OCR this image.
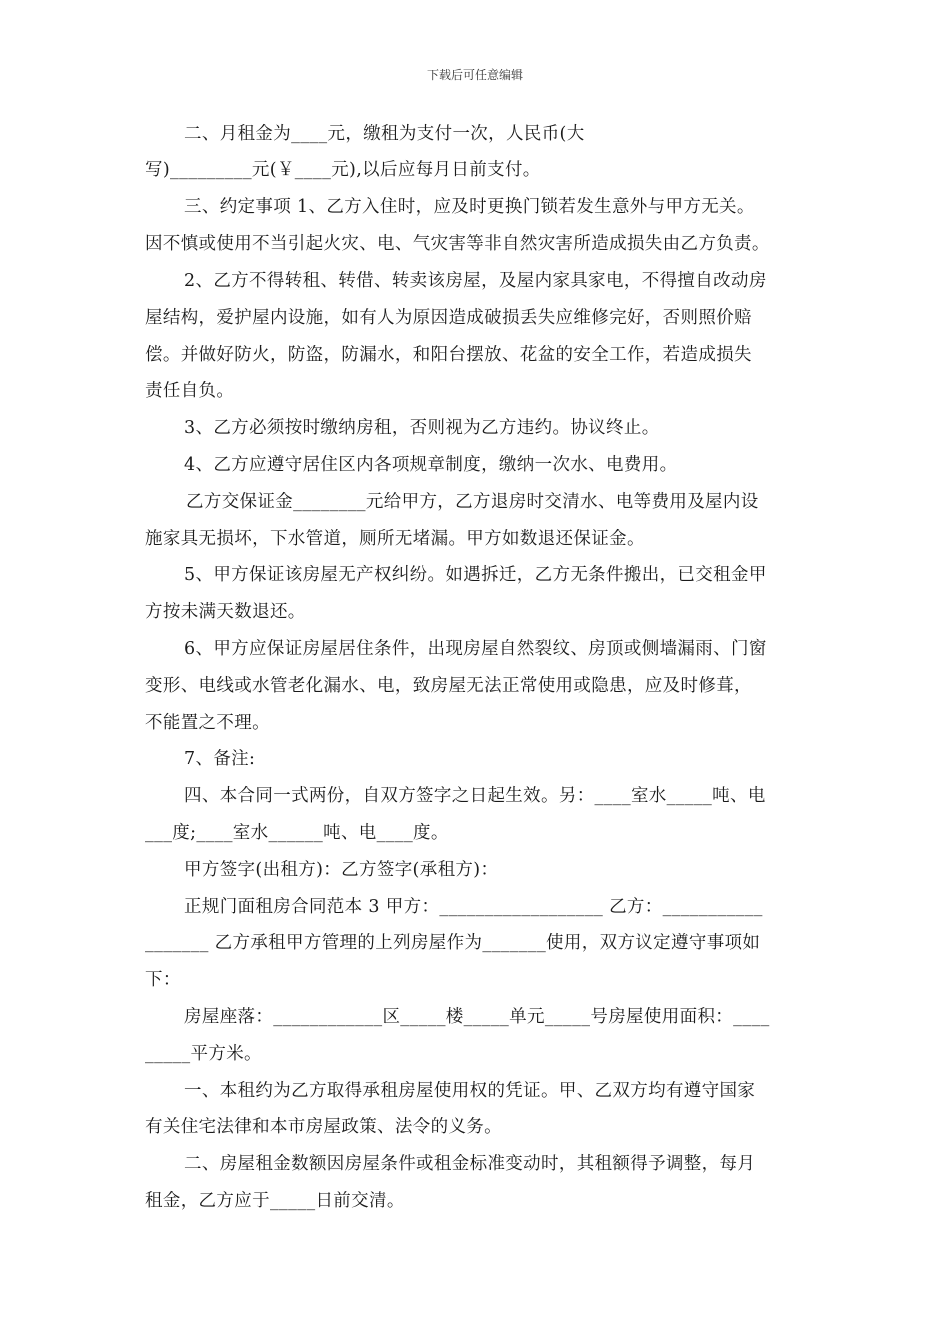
下载后可任意编辑
二、月租金为____元，缴租为支付一次，人民币(大
写)_________元(￥____元),以后应每月日前支付。
三、约定事项 1、乙方入住时，应及时更换门锁若发生意外与甲方无关。
因不慎或使用不当引起火灾、电、气灾害等非自然灾害所造成损失由乙方负责。
2、乙方不得转租、转借、转卖该房屋，及屋内家具家电，不得擅自改动房
屋结构，爱护屋内设施，如有人为原因造成破损丢失应维修完好，否则照价赔
偿。并做好防火，防盗，防漏水，和阳台摆放、花盆的安全工作，若造成损失
责任自负。
3、乙方必须按时缴纳房租，否则视为乙方违约。协议终止。
4、乙方应遵守居住区内各项规章制度，缴纳一次水、电费用。
乙方交保证金________元给甲方，乙方退房时交清水、电等费用及屋内设
施家具无损坏，下水管道，厕所无堵漏。甲方如数退还保证金。
5、甲方保证该房屋无产权纠纷。如遇拆迁，乙方无条件搬出，已交租金甲
方按未满天数退还。
6、甲方应保证房屋居住条件，出现房屋自然裂纹、房顶或侧墙漏雨、门窗
变形、电线或水管老化漏水、电，致房屋无法正常使用或隐患，应及时修葺，
不能置之不理。
7、备注:
四、本合同一式两份，自双方签字之日起生效。另：____室水_____吨、电
___度;____室水______吨、电____度。
甲方签字(出租方)：乙方签字(承租方)：
正规门面租房合同范本 3 甲方：__________________ 乙方：___________
_______ 乙方承租甲方管理的上列房屋作为_______使用，双方议定遵守事项如
下：
房屋座落：____________区_____楼_____单元_____号房屋使用面积：____
_____平方米。
一、本租约为乙方取得承租房屋使用权的凭证。甲、乙双方均有遵守国家
有关住宅法律和本市房屋政策、法令的义务。
二、房屋租金数额因房屋条件或租金标准变动时，其租额得予调整，每月
租金，乙方应于_____日前交清。
